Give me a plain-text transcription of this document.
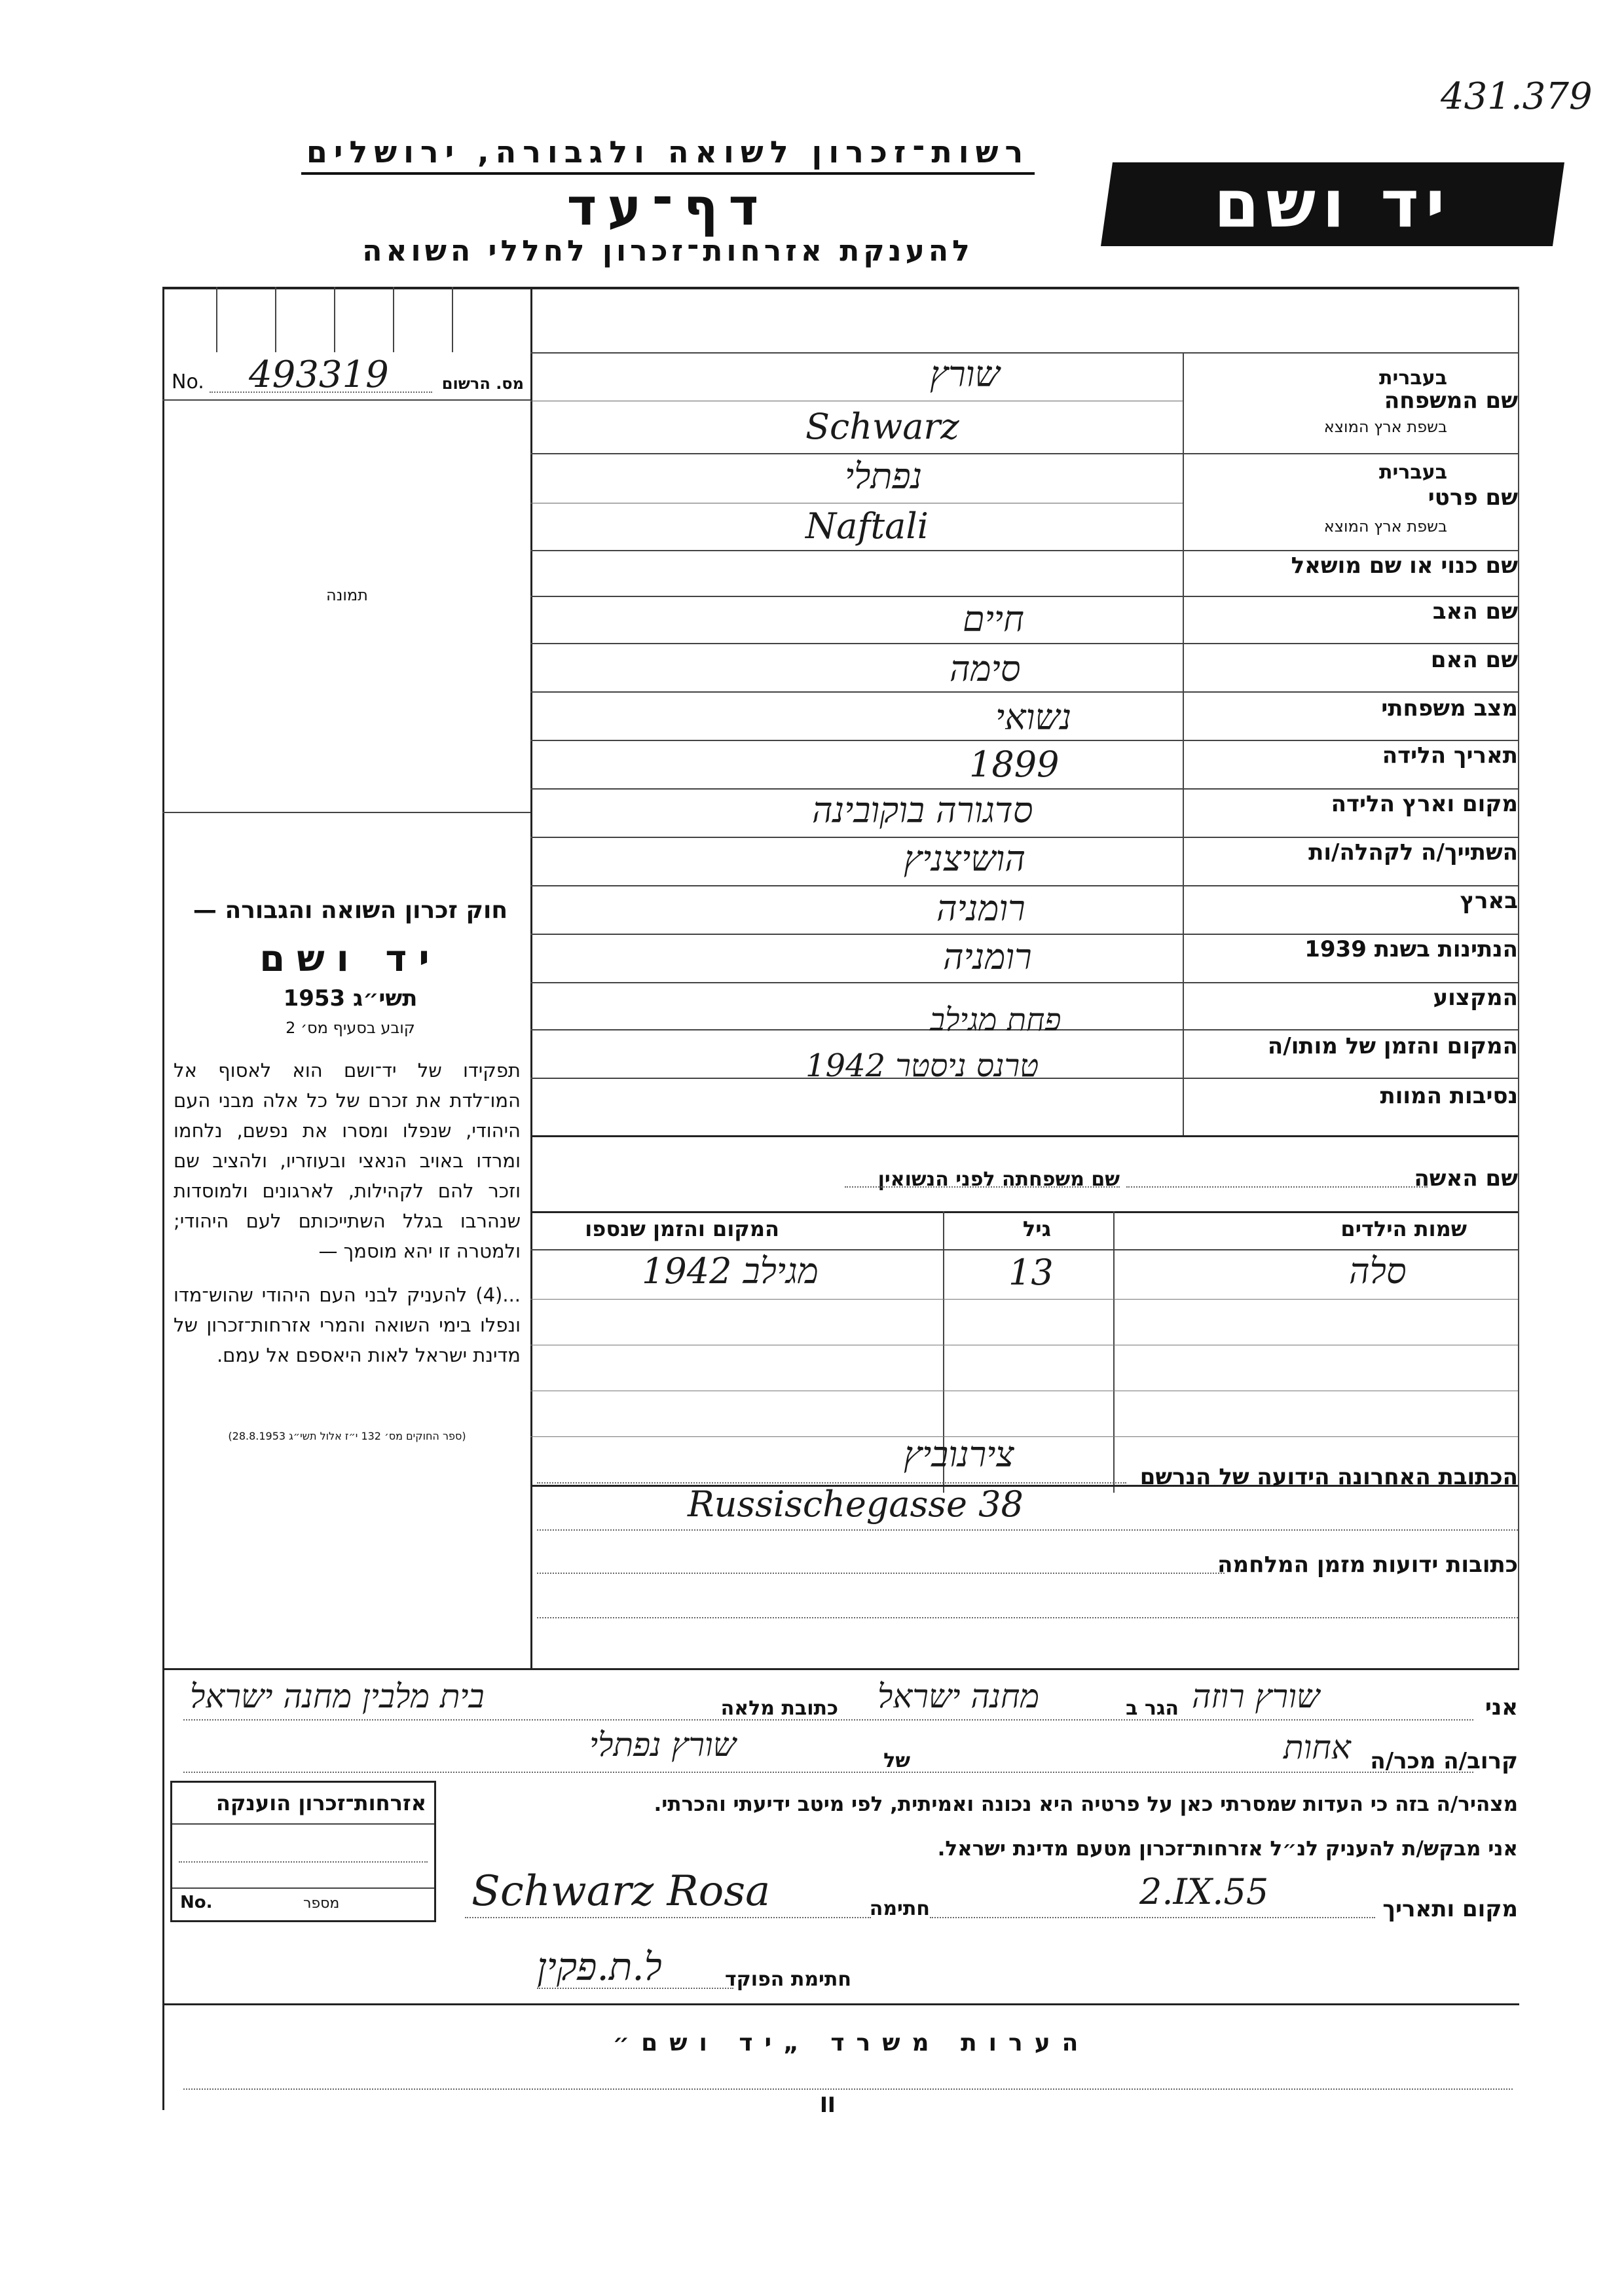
431.379
רשות־זכרון לשואה ולגבורה, ירושלים
דף־עד
להענקת אזרחות־זכרון לחללי השואה
יד ושם
No. 493319	מס. הרשום
תמונה
שם המשפחה
בעברית
בשפת ארץ המוצא
שורץ
Schwarz
שם פרטי
בעברית
בשפת ארץ המוצא
נפתלי
Naftali
שם כנוי או שם מושאל
שם האב
חיים
שם האם
סימה
מצב משפחתי
נשואי
תאריך הלידה
1899
מקום וארץ הלידה
סדגורה בוקובינה
השתייך/ה לקהלה/ות
הושיצניץ
בארץ
רומניה
הנתינות בשנת 1939
רומניה
המקצוע
המקום והזמן של מותו/ה
פחת מגילב
טרנס ניסטר 1942
נסיבות המוות
שם האשה
שם משפחתה לפני הנשואין
שמות הילדים
גיל
המקום והזמן שנספו
סלה
13
מגילב 1942
חוק זכרון השואה והגבורה —
יד ושם
תשי״ג 1953
קובע בסעיף מס׳ 2
תפקידו של יד־ושם הוא לאסוף אל המו־לדת את זכרם של כל אלה מבני העם היהודי, שנפלו ומסרו את נפשם, נלחמו ומרדו באויב הנאצי ובעוזריו, ולהציב שם וזכר להם לקהילות, לארגונים ולמוסדות שנהרבו בגלל השתייכותם לעם היהודי; ולמטרה זו יהא מוסמך —
...(4) להעניק לבני העם היהודי שהוש־מדו ונפלו בימי השואה והמרי אזרחות־זכרון של מדינת ישראל לאות היאספם אל עמם.
(ספר החוקים מס׳ 132 י״ז אלול תשי״ג 28.8.1953)
הכתובת האחרונה הידועה של הנרשם
צירנוביץ
Russischegasse 38
כתובות ידועות מזמן המלחמה
אני
שורץ רוזה
הגר ב
מחנה ישראל
כתובת מלאה
בית מלבין מחנה ישראל
קרוב/ה מכר/ה
אחות
של
שורץ נפתלי
מצהיר/ה בזה כי העדות שמסרתי כאן על פרטיה היא נכונה ואמיתית, לפי מיטב ידיעתי והכרתי.
אני מבקש/ת להעניק לנ״ל אזרחות־זכרון מטעם מדינת ישראל.
מקום ותאריך
2.IX.55
חתימה
Schwarz Rosa
חתימת הפוקד
ל.ת.פקין
אזרחות־זכרון הוענקה
No.	מספר
הערות משרד „יד ושם״
II
